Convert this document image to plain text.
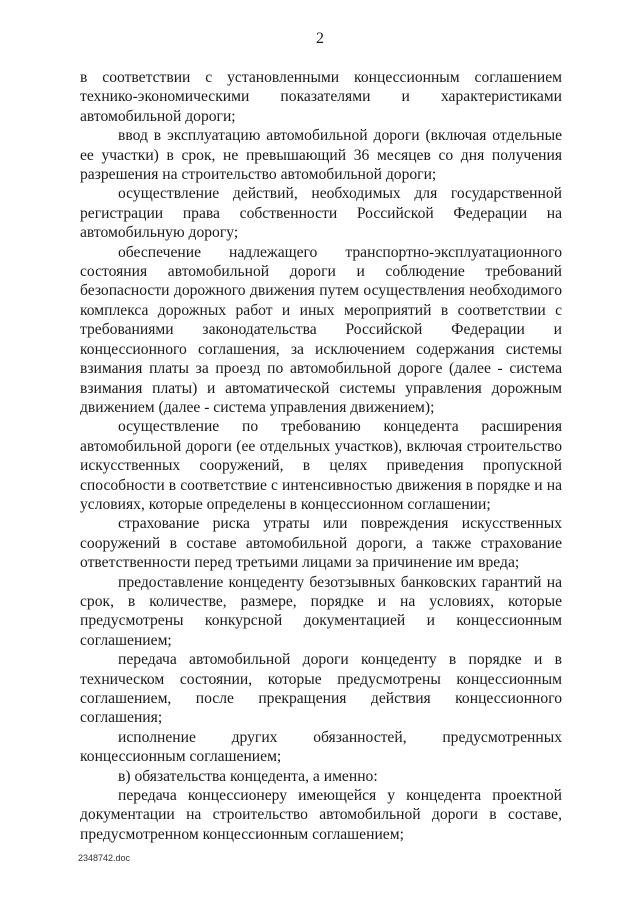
2

в соответствии с установленными концессионным соглашением технико-экономическими показателями и характеристиками автомобильной дороги;

ввод в эксплуатацию автомобильной дороги (включая отдельные ее участки) в срок, не превышающий 36 месяцев со дня получения разрешения на строительство автомобильной дороги;

осуществление действий, необходимых для государственной регистрации права собственности Российской Федерации на автомобильную дорогу;

обеспечение надлежащего транспортно-эксплуатационного состояния автомобильной дороги и соблюдение требований безопасности дорожного движения путем осуществления необходимого комплекса дорожных работ и иных мероприятий в соответствии с требованиями законодательства Российской Федерации и концессионного соглашения, за исключением содержания системы взимания платы за проезд по автомобильной дороге (далее - система взимания платы) и автоматической системы управления дорожным движением (далее - система управления движением);

осуществление по требованию концедента расширения автомобильной дороги (ее отдельных участков), включая строительство искусственных сооружений, в целях приведения пропускной способности в соответствие с интенсивностью движения в порядке и на условиях, которые определены в концессионном соглашении;

страхование риска утраты или повреждения искусственных сооружений в составе автомобильной дороги, а также страхование ответственности перед третьими лицами за причинение им вреда;

предоставление концеденту безотзывных банковских гарантий на срок, в количестве, размере, порядке и на условиях, которые предусмотрены конкурсной документацией и концессионным соглашением;

передача автомобильной дороги концеденту в порядке и в техническом состоянии, которые предусмотрены концессионным соглашением, после прекращения действия концессионного соглашения;

исполнение других обязанностей, предусмотренных концессионным соглашением;

в) обязательства концедента, а именно:

передача концессионеру имеющейся у концедента проектной документации на строительство автомобильной дороги в составе, предусмотренном концессионным соглашением;

2348742.doc
